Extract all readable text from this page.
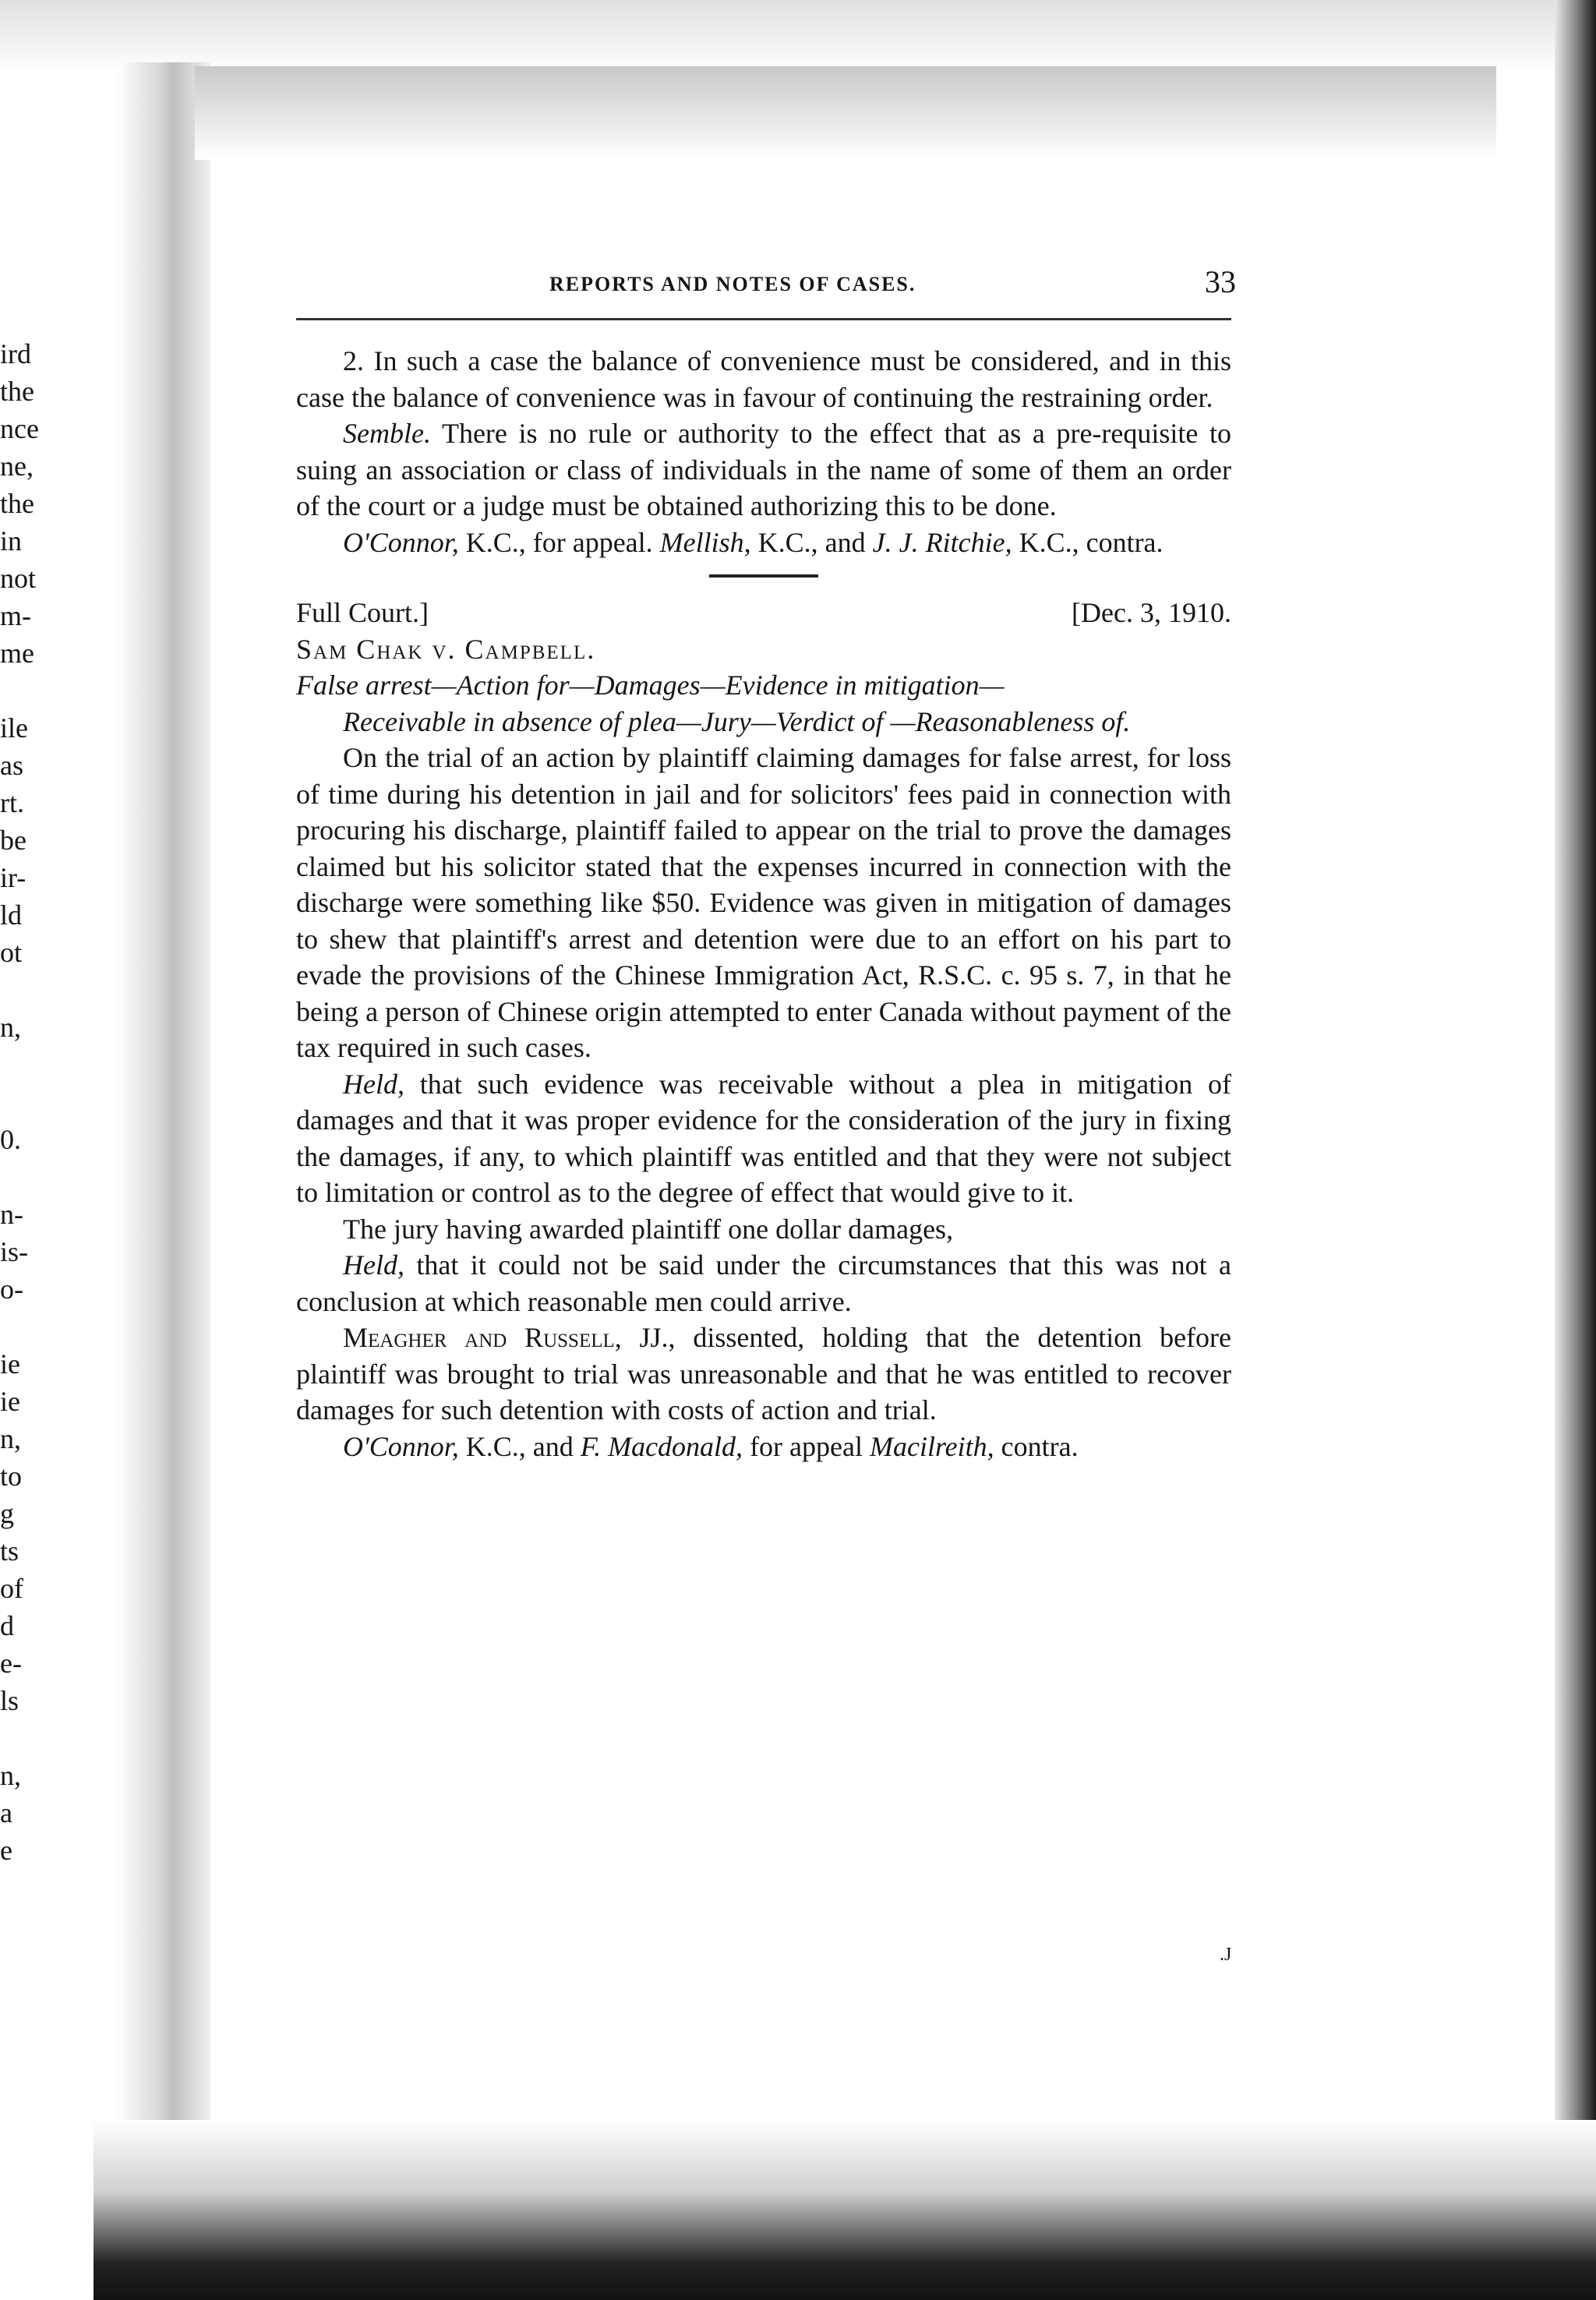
ird
the
nce
ne,
the
in
not
m-
me
ile
as
rt.
be
ir-
ld
ot
n,
0.
n-
is-
o-
ie
ie
n,
to
g
ts
of
d
e-
ls
n,
a
e
REPORTS AND NOTES OF CASES.	33

2. In such a case the balance of convenience must be considered, and in this case the balance of convenience was in favour of continuing the restraining order.

Semble. There is no rule or authority to the effect that as a pre-requisite to suing an association or class of individuals in the name of some of them an order of the court or a judge must be obtained authorizing this to be done.

O'Connor, K.C., for appeal. Mellish, K.C., and J. J. Ritchie, K.C., contra.

Full Court.]	[Dec. 3, 1910.

Sam Chak v. Campbell.

False arrest—Action for—Damages—Evidence in mitigation—
Receivable in absence of plea—Jury—Verdict of —Reasonableness of.

On the trial of an action by plaintiff claiming damages for false arrest, for loss of time during his detention in jail and for solicitors' fees paid in connection with procuring his discharge, plaintiff failed to appear on the trial to prove the damages claimed but his solicitor stated that the expenses incurred in connection with the discharge were something like $50. Evidence was given in mitigation of damages to shew that plaintiff's arrest and detention were due to an effort on his part to evade the provisions of the Chinese Immigration Act, R.S.C. c. 95 s. 7, in that he being a person of Chinese origin attempted to enter Canada without payment of the tax required in such cases.

Held, that such evidence was receivable without a plea in mitigation of damages and that it was proper evidence for the consideration of the jury in fixing the damages, if any, to which plaintiff was entitled and that they were not subject to limitation or control as to the degree of effect that would give to it.

The jury having awarded plaintiff one dollar damages,

Held, that it could not be said under the circumstances that this was not a conclusion at which reasonable men could arrive.

Meagher and Russell, JJ., dissented, holding that the detention before plaintiff was brought to trial was unreasonable and that he was entitled to recover damages for such detention with costs of action and trial.

O'Connor, K.C., and F. Macdonald, for appeal Macilreith, contra.

.J
